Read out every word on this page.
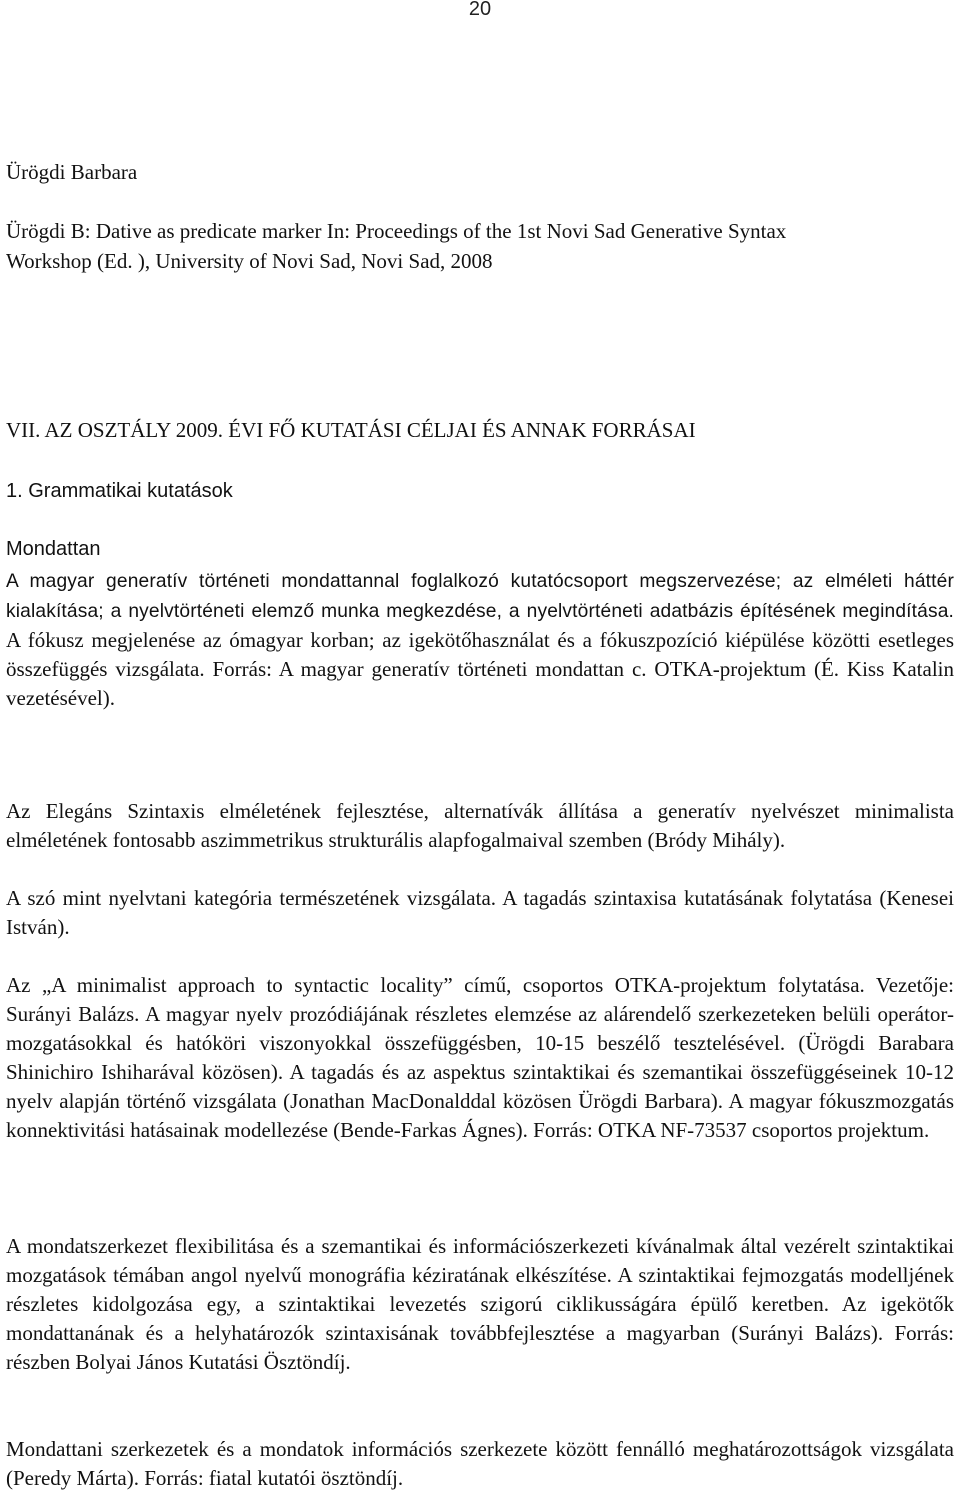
20
Ürögdi Barbara
Ürögdi B: Dative as predicate marker In: Proceedings of the 1st Novi Sad Generative Syntax
Workshop (Ed. ), University of Novi Sad, Novi Sad, 2008
VII. AZ OSZTÁLY 2009. ÉVI FŐ KUTATÁSI CÉLJAI ÉS ANNAK FORRÁSAI
1. Grammatikai kutatások
Mondattan

A magyar generatív történeti mondattannal foglalkozó kutatócsoport megszervezése; az elméleti háttér kialakítása; a nyelvtörténeti elemző munka megkezdése, a nyelvtörténeti adatbázis építésének megindítása. A fókusz megjelenése az ómagyar korban; az igekötőhasználat és a fókuszpozíció kiépülése közötti esetleges összefüggés vizsgálata. Forrás: A magyar generatív történeti mondattan c. OTKA-projektum (É. Kiss Katalin vezetésével).

Az Elegáns Szintaxis elméletének fejlesztése, alternatívák állítása a generatív nyelvészet minimalista elméletének fontosabb aszimmetrikus strukturális alapfogalmaival szemben (Bródy Mihály).

A szó mint nyelvtani kategória természetének vizsgálata. A tagadás szintaxisa kutatásának folytatása (Kenesei István).

Az „A minimalist approach to syntactic locality” című, csoportos OTKA-projektum folytatása. Vezetője: Surányi Balázs. A magyar nyelv prozódiájának részletes elemzése az alárendelő szerkezeteken belüli operátor-mozgatásokkal és hatóköri viszonyokkal összefüggésben, 10-15 beszélő tesztelésével. (Ürögdi Barabara Shinichiro Ishiharával közösen). A tagadás és az aspektus szintaktikai és szemantikai összefüggéseinek 10-12 nyelv alapján történő vizsgálata (Jonathan MacDonalddal közösen Ürögdi Barbara). A magyar fókuszmozgatás konnektivitási hatásainak modellezése (Bende-Farkas Ágnes). Forrás: OTKA NF-73537 csoportos projektum.

A mondatszerkezet flexibilitása és a szemantikai és információszerkezeti kívánalmak által vezérelt szintaktikai mozgatások témában angol nyelvű monográfia kéziratának elkészítése. A szintaktikai fejmozgatás modelljének részletes kidolgozása egy, a szintaktikai levezetés szigorú ciklikusságára épülő keretben. Az igekötők mondattanának és a helyhatározók szintaxisának továbbfejlesztése a magyarban (Surányi Balázs). Forrás: részben Bolyai János Kutatási Ösztöndíj.

Mondattani szerkezetek és a mondatok információs szerkezete között fennálló meghatározottságok vizsgálata (Peredy Márta). Forrás: fiatal kutatói ösztöndíj.
